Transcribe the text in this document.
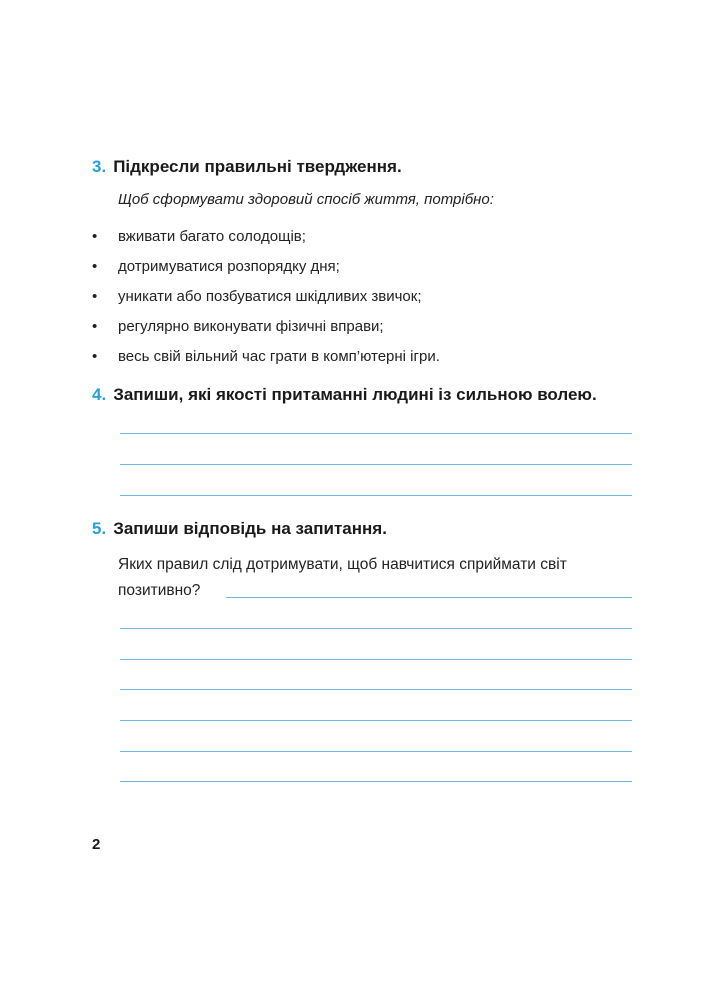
3. Підкресли правильні твердження.
Щоб сформувати здоровий спосіб життя, потрібно:
• вживати багато солодощів;
• дотримуватися розпорядку дня;
• уникати або позбуватися шкідливих звичок;
• регулярно виконувати фізичні вправи;
• весь свій вільний час грати в комп’ютерні ігри.
4. Запиши, які якості притаманні людині із сильною волею.
5. Запиши відповідь на запитання.
Яких правил слід дотримувати, щоб навчитися сприймати світ
позитивно?
2
